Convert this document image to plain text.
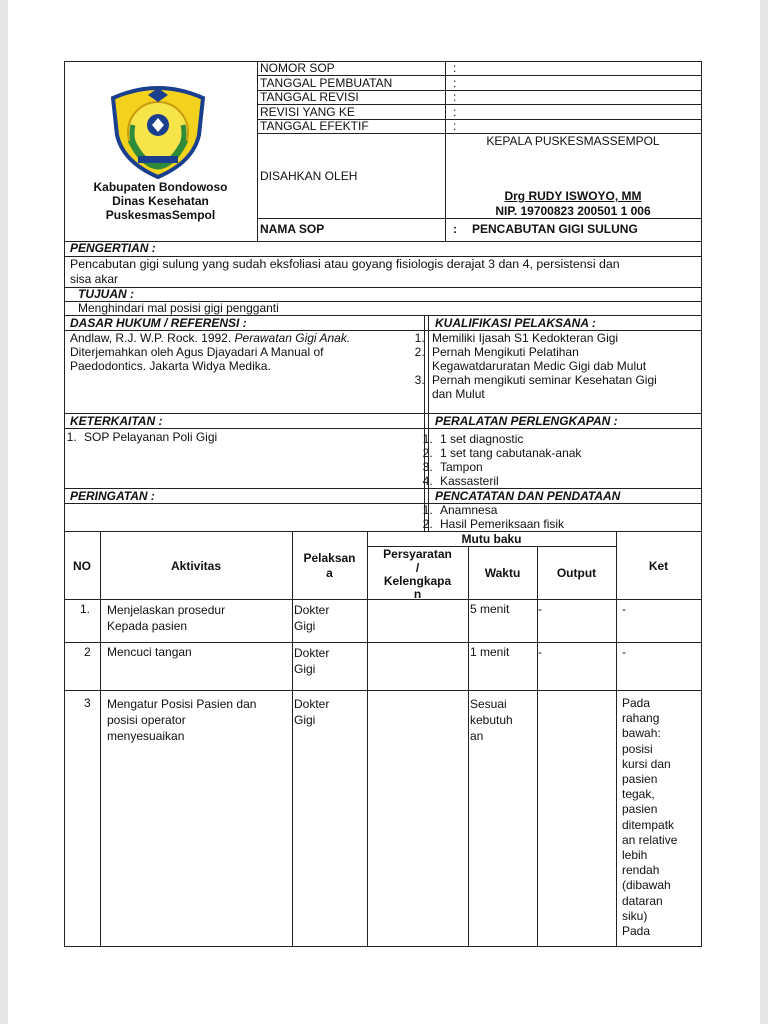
Kabupaten Bondowoso
Dinas Kesehatan
PuskesmasSempol
NOMOR SOP	:
TANGGAL PEMBUATAN	:
TANGGAL REVISI	:
REVISI YANG KE	:
TANGGAL EFEKTIF	:
DISAHKAN OLEH
KEPALA PUSKESMASSEMPOL
Drg RUDY ISWOYO, MM
NIP. 19700823 200501 1 006
NAMA SOP	: PENCABUTAN GIGI SULUNG
PENGERTIAN :
Pencabutan gigi sulung yang sudah eksfoliasi atau goyang fisiologis derajat 3 dan 4, persistensi dan
sisa akar
TUJUAN :
Menghindari mal posisi gigi pengganti
DASAR HUKUM / REFERENSI :	KUALIFIKASI PELAKSANA :
Andlaw, R.J. W.P. Rock. 1992. Perawatan Gigi Anak.
Diterjemahkan oleh Agus Djayadari A Manual of
Paedodontics. Jakarta Widya Medika.
1. Memiliki Ijasah S1 Kedokteran Gigi
2. Pernah Mengikuti Pelatihan Kegawatdaruratan Medic Gigi dab Mulut
3. Pernah mengikuti seminar Kesehatan Gigi dan Mulut
KETERKAITAN :	PERALATAN PERLENGKAPAN :
1. SOP Pelayanan Poli Gigi
1.	1 set diagnostic
2. 1 set tang cabutanak-anak
3. Tampon
4. Kassasteril
PERINGATAN :	PENCATATAN DAN PENDATAAN
1. Anamnesa
2. Hasil Pemeriksaan fisik
NO	Aktivitas
Pelaksan
a
Mutu baku
Persyaratan
/
Kelengkapa
n
Waktu	Output	Ket
1. Menjelaskan prosedur
Kepada pasien
Dokter
Gigi
5 menit -	-
2 Mencuci tangan	Dokter
Gigi
1 menit -	-
3 Mengatur Posisi Pasien dan
posisi operator
menyesuaikan
Dokter
Gigi
Sesuai
kebutuh
an
Pada
rahang
bawah:
posisi
kursi dan
pasien
tegak,
pasien
ditempatk
an relative
lebih
rendah
(dibawah
dataran
siku)
Pada
